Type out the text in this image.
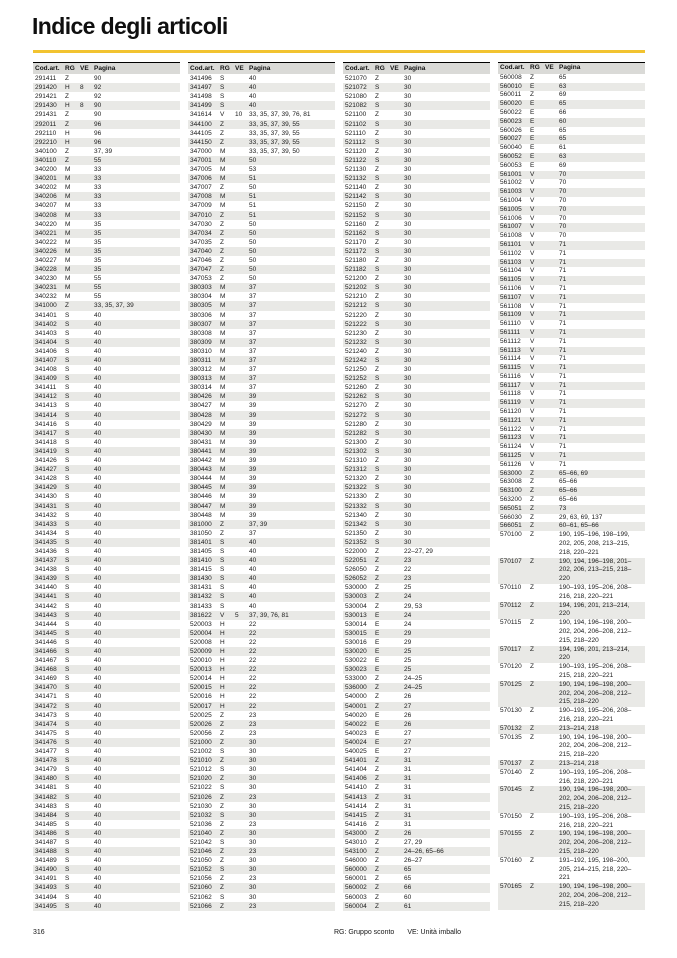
Indice degli articoli
Cod.art. RG VE Pagina
291411	Z	90
291420	H	8	92
291421	Z	92
291430	H	8	90
291431	Z	90
292011	Z	96
292110	H	96
292210	H	96
340100	Z	37, 39
340110	Z	55
340200	M	33
340201	M	33
340202	M	33
340206	M	33
340207	M	33
340208	M	33
340220	M	35
340221	M	35
340222	M	35
340226	M	35
340227	M	35
340228	M	35
340230	M	55
340231	M	55
340232	M	55
341000	Z	33, 35, 37, 39
341401	S	40
341402	S	40
341403	S	40
341404	S	40
341406	S	40
341407	S	40
341408	S	40
341409	S	40
341411	S	40
341412	S	40
341413	S	40
341414	S	40
341416	S	40
341417	S	40
341418	S	40
341419	S	40
341426	S	40
341427	S	40
341428	S	40
341429	S	40
341430	S	40
341431	S	40
341432	S	40
341433	S	40
341434	S	40
341435	S	40
341436	S	40
341437	S	40
341438	S	40
341439	S	40
341440	S	40
341441	S	40
341442	S	40
341443	S	40
341444	S	40
341445	S	40
341446	S	40
341466	S	40
341467	S	40
341468	S	40
341469	S	40
341470	S	40
341471	S	40
341472	S	40
341473	S	40
341474	S	40
341475	S	40
341476	S	40
341477	S	40
341478	S	40
341479	S	40
341480	S	40
341481	S	40
341482	S	40
341483	S	40
341484	S	40
341485	S	40
341486	S	40
341487	S	40
341488	S	40
341489	S	40
341490	S	40
341491	S	40
341493	S	40
341494	S	40
341495	S	40
Cod.art. RG VE Pagina
341496	S	40
341497	S	40
341498	S	40
341499	S	40
341614	V	10	33, 35, 37, 39, 76, 81
344100	Z	33, 35, 37, 39, 55
344105	Z	33, 35, 37, 39, 55
344150	Z	33, 35, 37, 39, 55
347000	M	33, 35, 37, 39, 50
347001	M	50
347005	M	53
347006	M	51
347007	Z	50
347008	M	51
347009	M	51
347010	Z	51
347030	Z	50
347034	Z	50
347035	Z	50
347040	Z	50
347046	Z	50
347047	Z	50
347053	Z	50
380303	M	37
380304	M	37
380305	M	37
380306	M	37
380307	M	37
380308	M	37
380309	M	37
380310	M	37
380311	M	37
380312	M	37
380313	M	37
380314	M	37
380426	M	39
380427	M	39
380428	M	39
380429	M	39
380430	M	39
380431	M	39
380441	M	39
380442	M	39
380443	M	39
380444	M	39
380445	M	39
380446	M	39
380447	M	39
380448	M	39
381000	Z	37, 39
381050	Z	37
381401	S	40
381405	S	40
381410	S	40
381415	S	40
381430	S	40
381431	S	40
381432	S	40
381433	S	40
381622	V	5	37, 39, 76, 81
520003	H	22
520004	H	22
520008	H	22
520009	H	22
520010	H	22
520013	H	22
520014	H	22
520015	H	22
520016	H	22
520017	H	22
520025	Z	23
520026	Z	23
520056	Z	23
521000	Z	30
521002	S	30
521010	Z	30
521012	S	30
521020	Z	30
521022	S	30
521026	Z	23
521030	Z	30
521032	S	30
521036	Z	23
521040	Z	30
521042	S	30
521046	Z	23
521050	Z	30
521052	S	30
521056	Z	23
521060	Z	30
521062	S	30
521066	Z	23
Cod.art. RG VE Pagina
521070	Z	30
521072	S	30
521080	Z	30
521082	S	30
521100	Z	30
521102	S	30
521110	Z	30
521112	S	30
521120	Z	30
521122	S	30
521130	Z	30
521132	S	30
521140	Z	30
521142	S	30
521150	Z	30
521152	S	30
521160	Z	30
521162	S	30
521170	Z	30
521172	S	30
521180	Z	30
521182	S	30
521200	Z	30
521202	S	30
521210	Z	30
521212	S	30
521220	Z	30
521222	S	30
521230	Z	30
521232	S	30
521240	Z	30
521242	S	30
521250	Z	30
521252	S	30
521260	Z	30
521262	S	30
521270	Z	30
521272	S	30
521280	Z	30
521282	S	30
521300	Z	30
521302	S	30
521310	Z	30
521312	S	30
521320	Z	30
521322	S	30
521330	Z	30
521332	S	30
521340	Z	30
521342	S	30
521350	Z	30
521352	S	30
522000	Z	22–27, 29
522051	Z	23
526050	Z	22
526052	Z	23
530000	Z	25
530003	Z	24
530004	Z	29, 53
530013	E	24
530014	E	24
530015	E	29
530016	E	29
530020	E	25
530022	E	25
530023	E	25
533000	Z	24–25
536000	Z	24–25
540000	Z	26
540001	Z	27
540020	E	26
540022	E	26
540023	E	27
540024	E	27
540025	E	27
541401	Z	31
541404	Z	31
541406	Z	31
541410	Z	31
541413	Z	31
541414	Z	31
541415	Z	31
541416	Z	31
543000	Z	26
543010	Z	27, 29
543100	Z	24–26, 65–66
546000	Z	26–27
560000	Z	65
560001	Z	65
560002	Z	66
560003	Z	60
560004	Z	61
Cod.art. RG VE Pagina
560008	Z	65
560010	E	63
560011	Z	69
560020	E	65
560022	E	66
560023	E	60
560026	E	65
560027	E	65
560040	E	61
560052	E	63
560053	E	69
561001	V	70
561002	V	70
561003	V	70
561004	V	70
561005	V	70
561006	V	70
561007	V	70
561008	V	70
561101	V	71
561102	V	71
561103	V	71
561104	V	71
561105	V	71
561106	V	71
561107	V	71
561108	V	71
561109	V	71
561110	V	71
561111	V	71
561112	V	71
561113	V	71
561114	V	71
561115	V	71
561116	V	71
561117	V	71
561118	V	71
561119	V	71
561120	V	71
561121	V	71
561122	V	71
561123	V	71
561124	V	71
561125	V	71
561126	V	71
563000	Z	65–66, 69
563008	Z	65–66
563100	Z	65–66
563200	Z	65–66
565051	Z	73
566030	Z	29, 63, 69, 137
566051	Z	60–61, 65–66
570100	Z	190, 195–196, 198–199, 202, 205, 208, 213–215, 218, 220–221
570107	Z	190, 194, 196–198, 201–202, 206, 213–215, 218–220
570110	Z	190–193, 195–206, 208–216, 218, 220–221
570112	Z	194, 196, 201, 213–214, 220
570115	Z	190, 194, 196–198, 200–202, 204, 206–208, 212–215, 218–220
570117	Z	194, 196, 201, 213–214, 220
570120	Z	190–193, 195–206, 208–215, 218, 220–221
570125	Z	190, 194, 196–198, 200–202, 204, 206–208, 212–215, 218–220
570130	Z	190–193, 195–206, 208–216, 218, 220–221
570132	Z	213–214, 218
570135	Z	190, 194, 196–198, 200–202, 204, 206–208, 212–215, 218–220
570137	Z	213–214, 218
570140	Z	190–193, 195–206, 208–216, 218, 220–221
570145	Z	190, 194, 196–198, 200–202, 204, 206–208, 212–215, 218–220
570150	Z	190–193, 195–206, 208–216, 218, 220–221
570155	Z	190, 194, 196–198, 200–202, 204, 206–208, 212–215, 218–220
570160	Z	191–192, 195, 198–200, 205, 214–215, 218, 220–221
570165	Z	190, 194, 196–198, 200–202, 204, 206–208, 212–215, 218–220
316	RG: Gruppo sconto VE: Unità imballo
